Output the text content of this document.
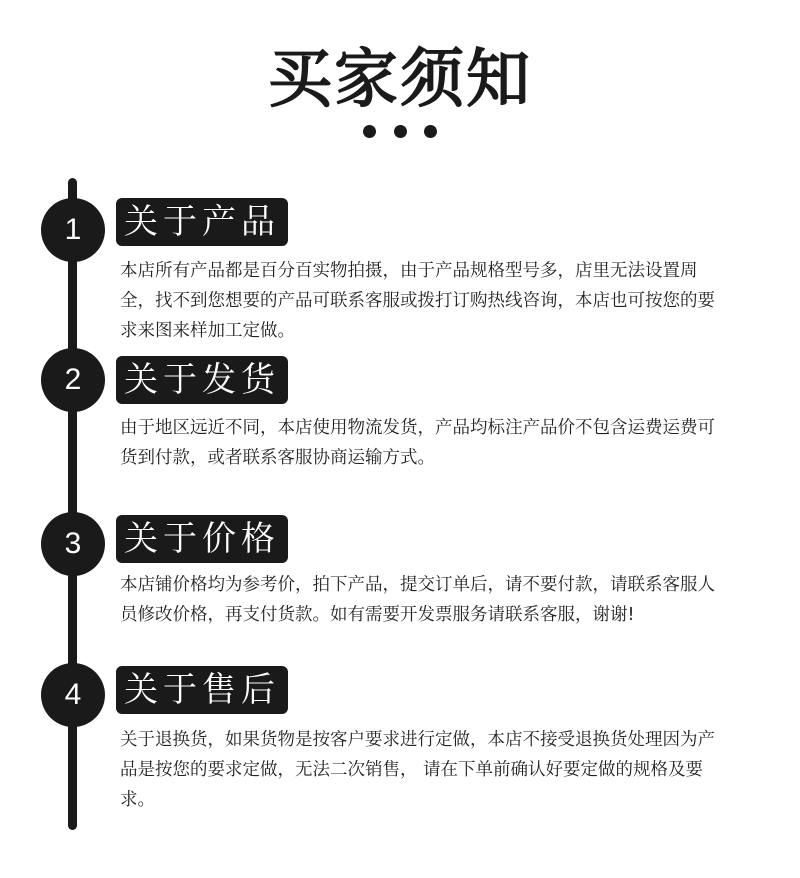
买家须知
1	关于产品
本店所有产品都是百分百实物拍摄，由于产品规格型号多，店里无法设置周全，找不到您想要的产品可联系客服或拨打订购热线咨询，本店也可按您的要求来图来样加工定做。
2	关于发货
由于地区远近不同，本店使用物流发货，产品均标注产品价不包含运费运费可货到付款，或者联系客服协商运输方式。
3	关于价格
本店铺价格均为参考价，拍下产品，提交订单后，请不要付款，请联系客服人员修改价格，再支付货款。如有需要开发票服务请联系客服，谢谢!
4	关于售后
关于退换货，如果货物是按客户要求进行定做，本店不接受退换货处理因为产品是按您的要求定做，无法二次销售， 请在下单前确认好要定做的规格及要求。
